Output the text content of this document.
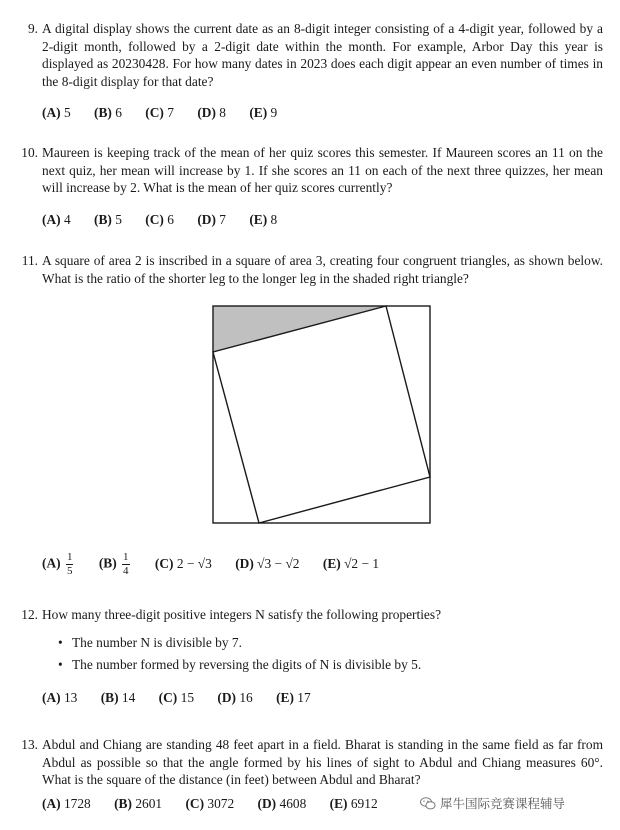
9. A digital display shows the current date as an 8-digit integer consisting of a 4-digit year, followed by a 2-digit month, followed by a 2-digit date within the month. For example, Arbor Day this year is displayed as 20230428. For how many dates in 2023 does each digit appear an even number of times in the 8-digit display for that date?
(A) 5 (B) 6 (C) 7 (D) 8 (E) 9
10. Maureen is keeping track of the mean of her quiz scores this semester. If Maureen scores an 11 on the next quiz, her mean will increase by 1. If she scores an 11 on each of the next three quizzes, her mean will increase by 2. What is the mean of her quiz scores currently?
(A) 4 (B) 5 (C) 6 (D) 7 (E) 8
11. A square of area 2 is inscribed in a square of area 3, creating four congruent triangles, as shown below. What is the ratio of the shorter leg to the longer leg in the shaded right triangle?
$(A) \frac{1}{5} (B) \frac{1}{4} (C) 2 - √3$ (D) √3 − √2 (E) √2 − 1
12. How many three-digit positive integers N satisfy the following properties?
• The number N is divisible by 7.
• The number formed by reversing the digits of N is divisible by 5.
(A) 13 (B) 14 (C) 15 (D) 16 (E) 17
13. Abdul and Chiang are standing 48 feet apart in a field. Bharat is standing in the same field as far from Abdul as possible so that the angle formed by his lines of sight to Abdul and Chiang measures 60°. What is the square of the distance (in feet) between Abdul and Bharat?
(A) 1728 (B) 2601 (C) 3072 (D) 4608 (E) 6912	犀牛国际竞赛课程辅导
